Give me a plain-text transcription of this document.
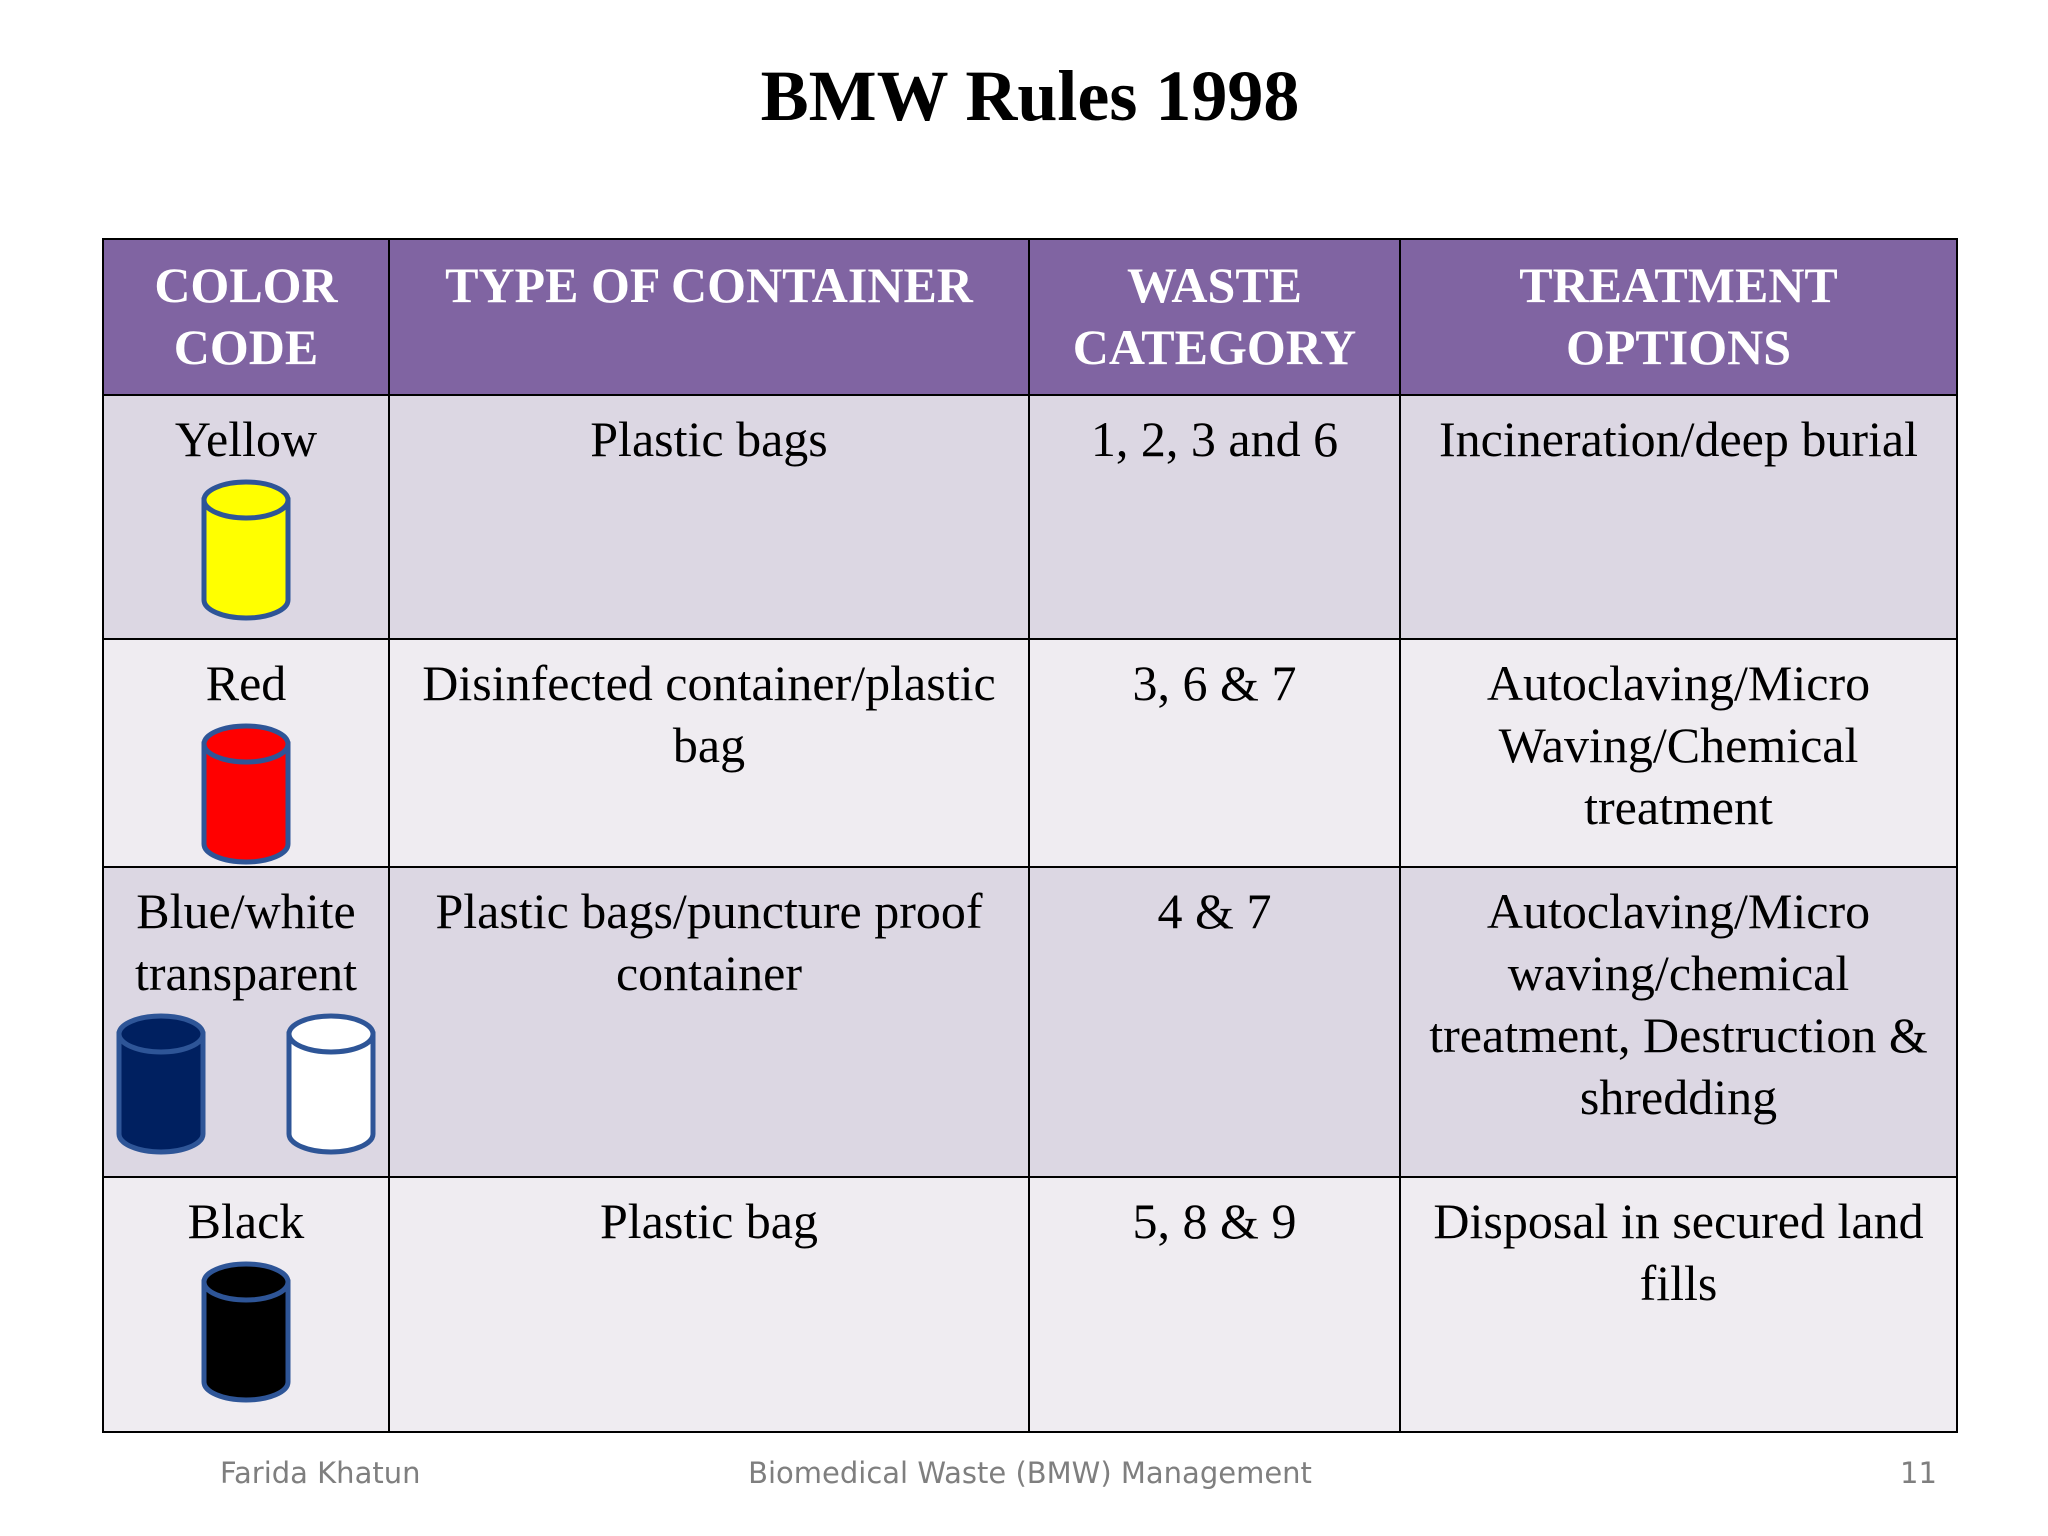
BMW Rules 1998
COLOR CODE	TYPE OF CONTAINER	WASTE CATEGORY	TREATMENT OPTIONS

Yellow	Plastic bags	1, 2, 3 and 6	Incineration/deep burial

Red	Disinfected container/plastic bag	3, 6 & 7	Autoclaving/Micro Waving/Chemical treatment

Blue/white transparent	Plastic bags/puncture proof container	4 & 7	Autoclaving/Micro waving/chemical treatment, Destruction & shredding

Black	Plastic bag	5, 8 & 9	Disposal in secured land fills
Farida Khatun	Biomedical Waste (BMW) Management	11
